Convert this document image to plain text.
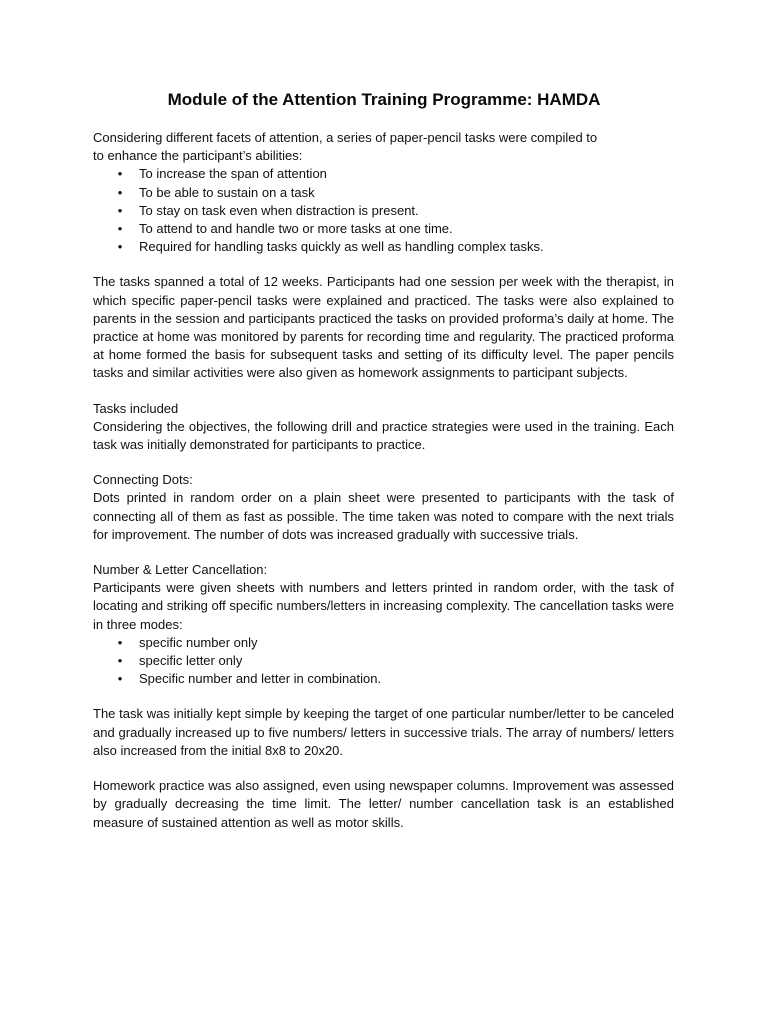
Module of the Attention Training Programme: HAMDA

Considering different facets of attention, a series of paper-pencil tasks were compiled to

to enhance the participant’s abilities:

• To increase the span of attention
• To be able to sustain on a task
• To stay on task even when distraction is present.
• To attend to and handle two or more tasks at one time.
• Required for handling tasks quickly as well as handling complex tasks.

The tasks spanned a total of 12 weeks. Participants had one session per week with the therapist, in which specific paper-pencil tasks were explained and practiced. The tasks were also explained to parents in the session and participants practiced the tasks on provided proforma’s daily at home. The practice at home was monitored by parents for recording time and regularity. The practiced proforma at home formed the basis for subsequent tasks and setting of its difficulty level. The paper pencils tasks and similar activities were also given as homework assignments to participant subjects.

Tasks included

Considering the objectives, the following drill and practice strategies were used in the training. Each task was initially demonstrated for participants to practice.

Connecting Dots:

Dots printed in random order on a plain sheet were presented to participants with the task of connecting all of them as fast as possible. The time taken was noted to compare with the next trials for improvement. The number of dots was increased gradually with successive trials.

Number & Letter Cancellation:

Participants were given sheets with numbers and letters printed in random order, with the task of locating and striking off specific numbers/letters in increasing complexity. The cancellation tasks were in three modes:

• specific number only
• specific letter only
• Specific number and letter in combination.

The task was initially kept simple by keeping the target of one particular number/letter to be canceled and gradually increased up to five numbers/ letters in successive trials. The array of numbers/ letters also increased from the initial 8x8 to 20x20.

Homework practice was also assigned, even using newspaper columns. Improvement was assessed by gradually decreasing the time limit. The letter/ number cancellation task is an established measure of sustained attention as well as motor skills.
